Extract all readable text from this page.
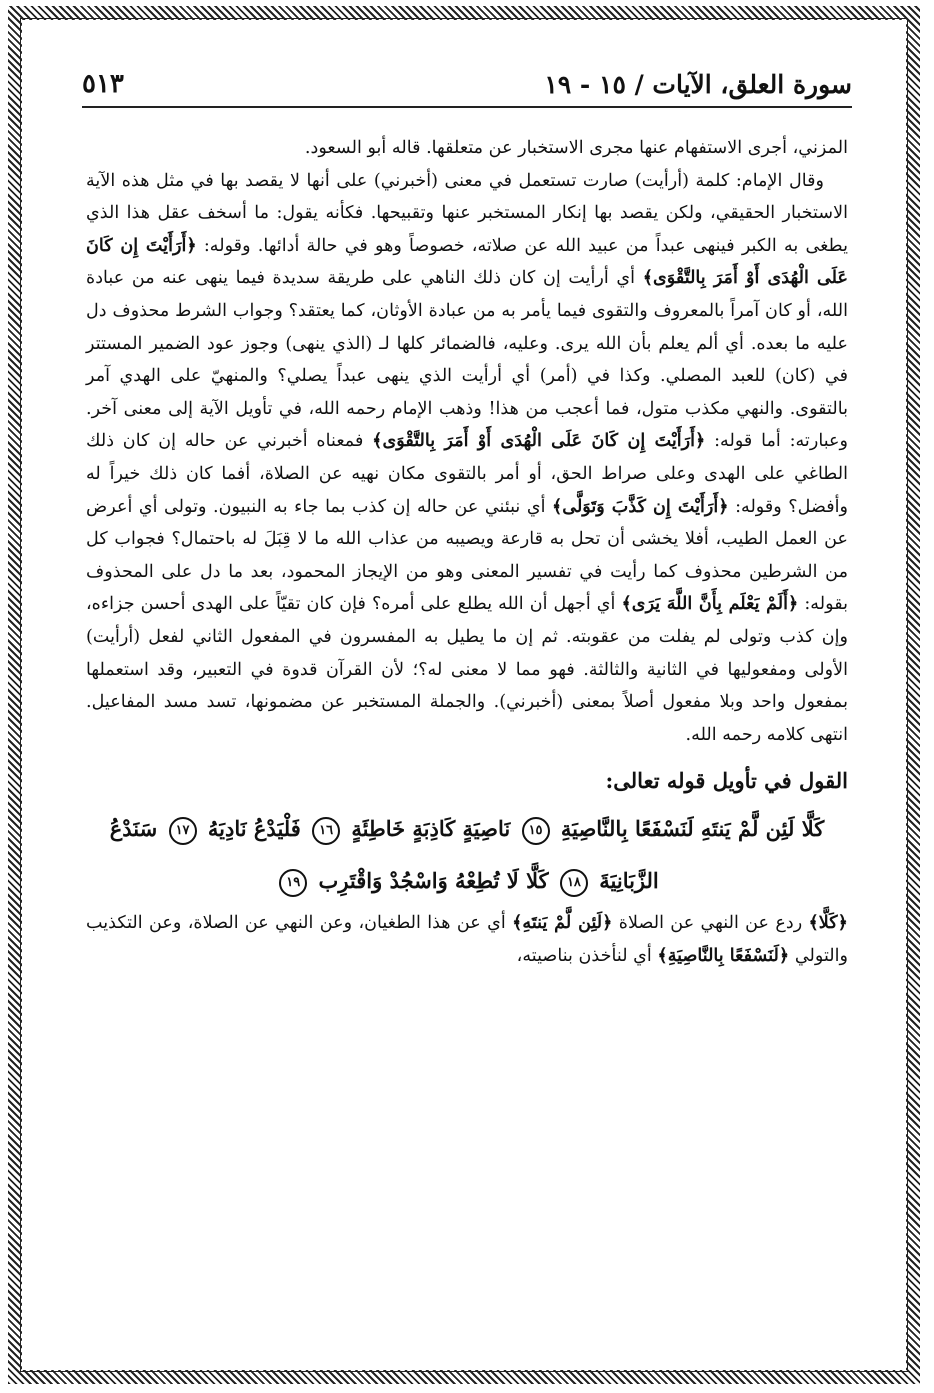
سورة العلق، الآيات / ١٥ - ١٩
٥١٣

المزني، أجرى الاستفهام عنها مجرى الاستخبار عن متعلقها. قاله أبو السعود.

وقال الإمام: كلمة (أرأيت) صارت تستعمل في معنى (أخبرني) على أنها لا يقصد بها في مثل هذه الآية الاستخبار الحقيقي، ولكن يقصد بها إنكار المستخبر عنها وتقبيحها. فكأنه يقول: ما أسخف عقل هذا الذي يطغى به الكبر فينهى عبداً من عبيد الله عن صلاته، خصوصاً وهو في حالة أدائها. وقوله: ﴿أَرَأَيْتَ إِن كَانَ عَلَى الْهُدَى أَوْ أَمَرَ بِالتَّقْوَى﴾ أي أرأيت إن كان ذلك الناهي على طريقة سديدة فيما ينهى عنه من عبادة الله، أو كان آمراً بالمعروف والتقوى فيما يأمر به من عبادة الأوثان، كما يعتقد؟ وجواب الشرط محذوف دل عليه ما بعده. أي ألم يعلم بأن الله يرى. وعليه، فالضمائر كلها لـ (الذي ينهى) وجوز عود الضمير المستتر في (كان) للعبد المصلي. وكذا في (أمر) أي أرأيت الذي ينهى عبداً يصلي؟ والمنهيّ على الهدي آمر بالتقوى. والنهي مكذب متول، فما أعجب من هذا! وذهب الإمام رحمه الله، في تأويل الآية إلى معنى آخر. وعبارته: أما قوله: ﴿أَرَأَيْتَ إِن كَانَ عَلَى الْهُدَى أَوْ أَمَرَ بِالتَّقْوَى﴾ فمعناه أخبرني عن حاله إن كان ذلك الطاغي على الهدى وعلى صراط الحق، أو أمر بالتقوى مكان نهيه عن الصلاة، أفما كان ذلك خيراً له وأفضل؟ وقوله: ﴿أَرَأَيْتَ إِن كَذَّبَ وَتَوَلَّى﴾ أي نبئني عن حاله إن كذب بما جاء به النبيون. وتولى أي أعرض عن العمل الطيب، أفلا يخشى أن تحل به قارعة ويصيبه من عذاب الله ما لا قِبَلَ له باحتمال؟ فجواب كل من الشرطين محذوف كما رأيت في تفسير المعنى وهو من الإيجاز المحمود، بعد ما دل على المحذوف بقوله: ﴿أَلَمْ يَعْلَم بِأَنَّ اللَّهَ يَرَى﴾ أي أجهل أن الله يطلع على أمره؟ فإن كان تقيّاً على الهدى أحسن جزاءه، وإن كذب وتولى لم يفلت من عقوبته. ثم إن ما يطيل به المفسرون في المفعول الثاني لفعل (أرأيت) الأولى ومفعوليها في الثانية والثالثة. فهو مما لا معنى له؟؛ لأن القرآن قدوة في التعبير، وقد استعملها بمفعول واحد وبلا مفعول أصلاً بمعنى (أخبرني). والجملة المستخبر عن مضمونها، تسد مسد المفاعيل. انتهى كلامه رحمه الله.

القول في تأويل قوله تعالى:

كَلَّا لَئِن لَّمْ يَنتَهِ لَنَسْفَعًا بِالنَّاصِيَةِ ١٥ نَاصِيَةٍ كَاذِبَةٍ خَاطِئَةٍ ١٦ فَلْيَدْعُ نَادِيَهُ ١٧ سَنَدْعُ

الزَّبَانِيَةَ ١٨ كَلَّا لَا تُطِعْهُ وَاسْجُدْ وَاقْتَرِب ١٩

﴿كَلَّا﴾ ردع عن النهي عن الصلاة ﴿لَئِن لَّمْ يَنتَهِ﴾ أي عن هذا الطغيان، وعن النهي عن الصلاة، وعن التكذيب والتولي ﴿لَنَسْفَعًا بِالنَّاصِيَةِ﴾ أي لنأخذن بناصيته،
